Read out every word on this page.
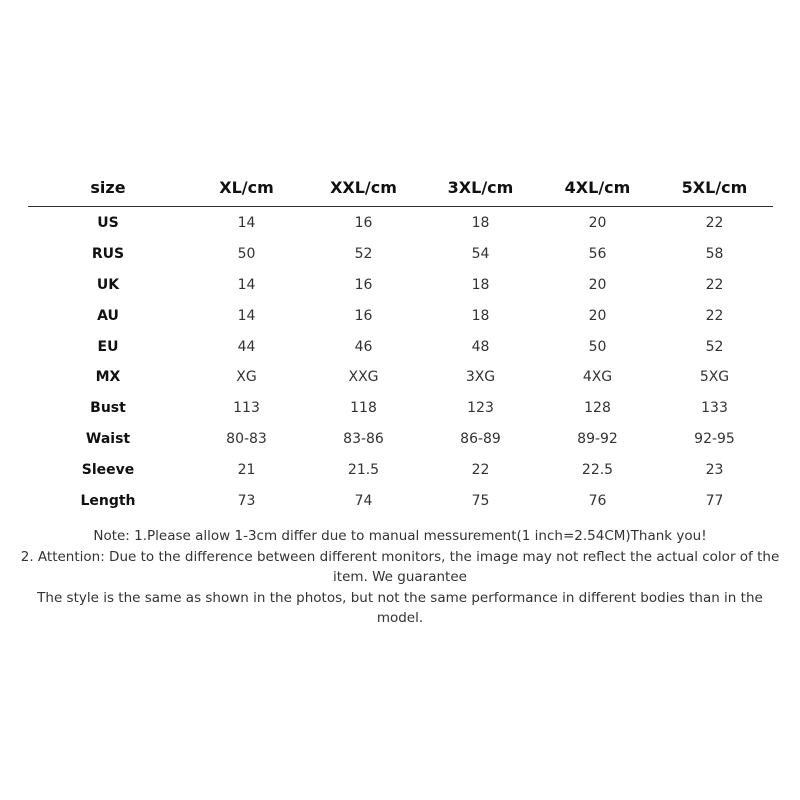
size	XL/cm	XXL/cm	3XL/cm	4XL/cm	5XL/cm
US	14	16	18	20	22
RUS	50	52	54	56	58
UK	14	16	18	20	22
AU	14	16	18	20	22
EU	44	46	48	50	52
MX	XG	XXG	3XG	4XG	5XG
Bust	113	118	123	128	133
Waist	80-83	83-86	86-89	89-92	92-95
Sleeve	21	21.5	22	22.5	23
Length	73	74	75	76	77

Note: 1.Please allow 1-3cm differ due to manual messurement(1 inch=2.54CM)Thank you!

2. Attention: Due to the difference between different monitors, the image may not reflect the actual color of the item. We guarantee

The style is the same as shown in the photos, but not the same performance in different bodies than in the model.
